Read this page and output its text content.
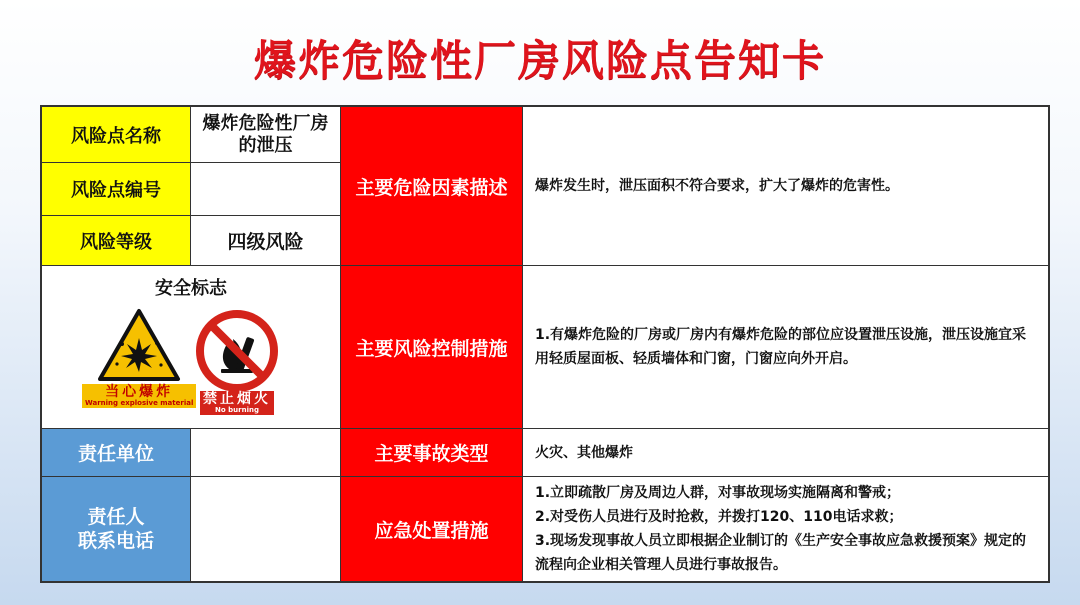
爆炸危险性厂房风险点告知卡
风险点名称
爆炸危险性厂房的泄压
风险点编号
风险等级	四级风险
安全标志
当心爆炸
Warning explosive material 禁止烟火
No burning
责任单位
责任人
联系电话
主要危险因素描述
主要风险控制措施
主要事故类型
应急处置措施
爆炸发生时，泄压面积不符合要求，扩大了爆炸的危害性。
1.有爆炸危险的厂房或厂房内有爆炸危险的部位应设置泄压设施，泄压设施宜采用轻质屋面板、轻质墙体和门窗，门窗应向外开启。
火灾、其他爆炸
1.立即疏散厂房及周边人群，对事故现场实施隔离和警戒；
2.对受伤人员进行及时抢救，并拨打120、110电话求救；
3.现场发现事故人员立即根据企业制订的《生产安全事故应急救援预案》规定的流程向企业相关管理人员进行事故报告。
